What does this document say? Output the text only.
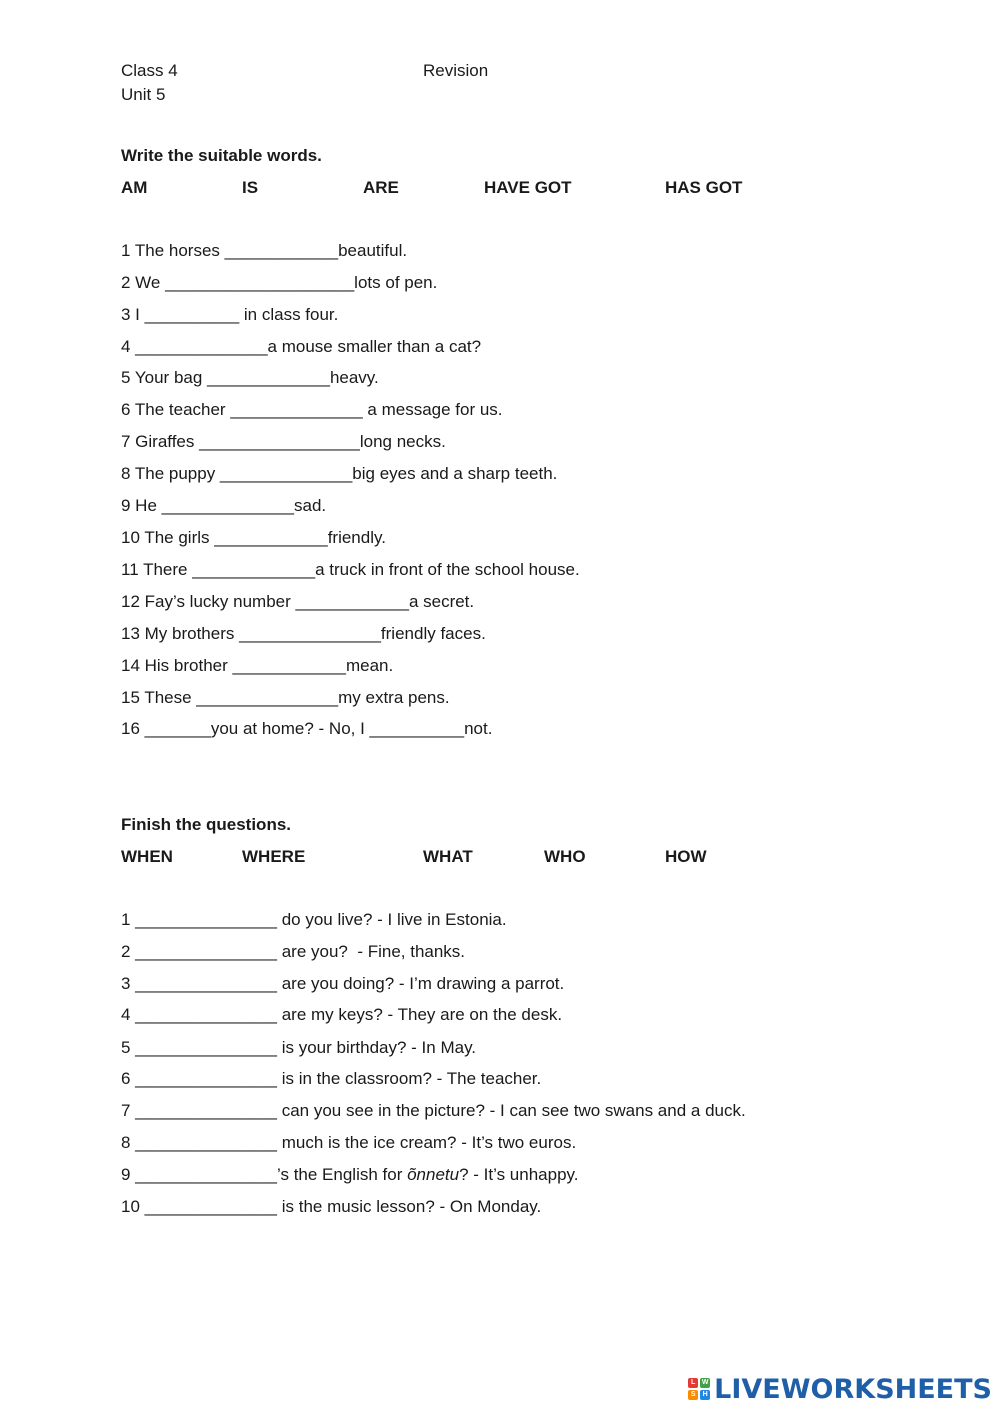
Class 4	Revision
Unit 5
Write the suitable words.
AM	IS	ARE	HAVE GOT	HAS GOT
1 The horses ____________beautiful.
2 We ____________________lots of pen.
3 I __________ in class four.
4 ______________a mouse smaller than a cat?
5 Your bag _____________heavy.
6 The teacher ______________ a message for us.
7 Giraffes _________________long necks.
8 The puppy ______________big eyes and a sharp teeth.
9 He ______________sad.
10 The girls ____________friendly.
11 There _____________a truck in front of the school house.
12 Fay’s lucky number ____________a secret.
13 My brothers _______________friendly faces.
14 His brother ____________mean.
15 These _______________my extra pens.
16 _______you at home? - No, I __________not.
Finish the questions.
WHEN	WHERE	WHAT	WHO	HOW
1 _______________ do you live? - I live in Estonia.
2 _______________ are you?  - Fine, thanks.
3 _______________ are you doing? - I’m drawing a parrot.
4 _______________ are my keys? - They are on the desk.
5 _______________ is your birthday? - In May.
6 _______________ is in the classroom? - The teacher.
7 _______________ can you see in the picture? - I can see two swans and a duck.
8 _______________ much is the ice cream? - It’s two euros.
9 _______________’s the English for õnnetu? - It’s unhappy.
10 ______________ is the music lesson? - On Monday.
L W
S	H LIVEWORKSHEETS
